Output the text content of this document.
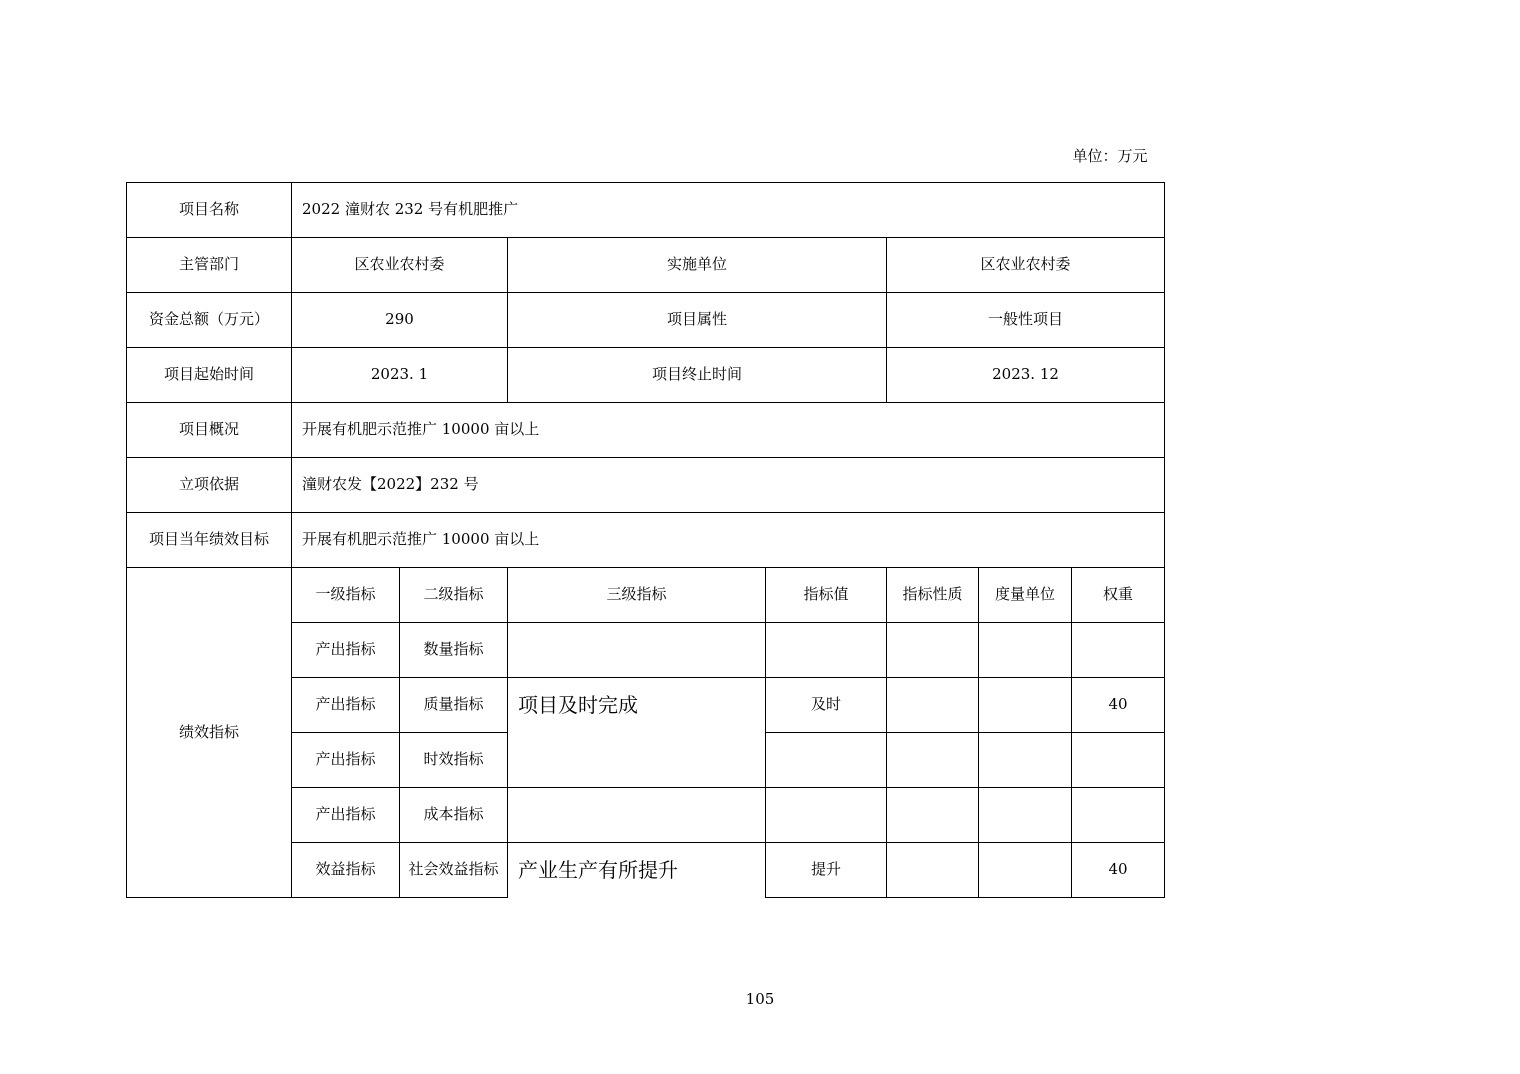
单位：万元
项目名称	2022 潼财农 232 号有机肥推广						
主管部门	区农业农村委		实施单位		区农业农村委		
资金总额（万元）	290		项目属性		一般性项目		
项目起始时间	2023. 1		项目终止时间		2023. 12		
项目概况	开展有机肥示范推广 10000 亩以上						
立项依据	潼财农发【2022】232 号						
项目当年绩效目标	开展有机肥示范推广 10000 亩以上						
绩效指标	一级指标	二级指标	三级指标	指标值	指标性质	度量单位	权重
	产出指标	数量指标					
	产出指标	质量指标	项目及时完成	及时			40
	产出指标	时效指标					
	产出指标	成本指标					
	效益指标	社会效益指标	产业生产有所提升	提升			40
105
